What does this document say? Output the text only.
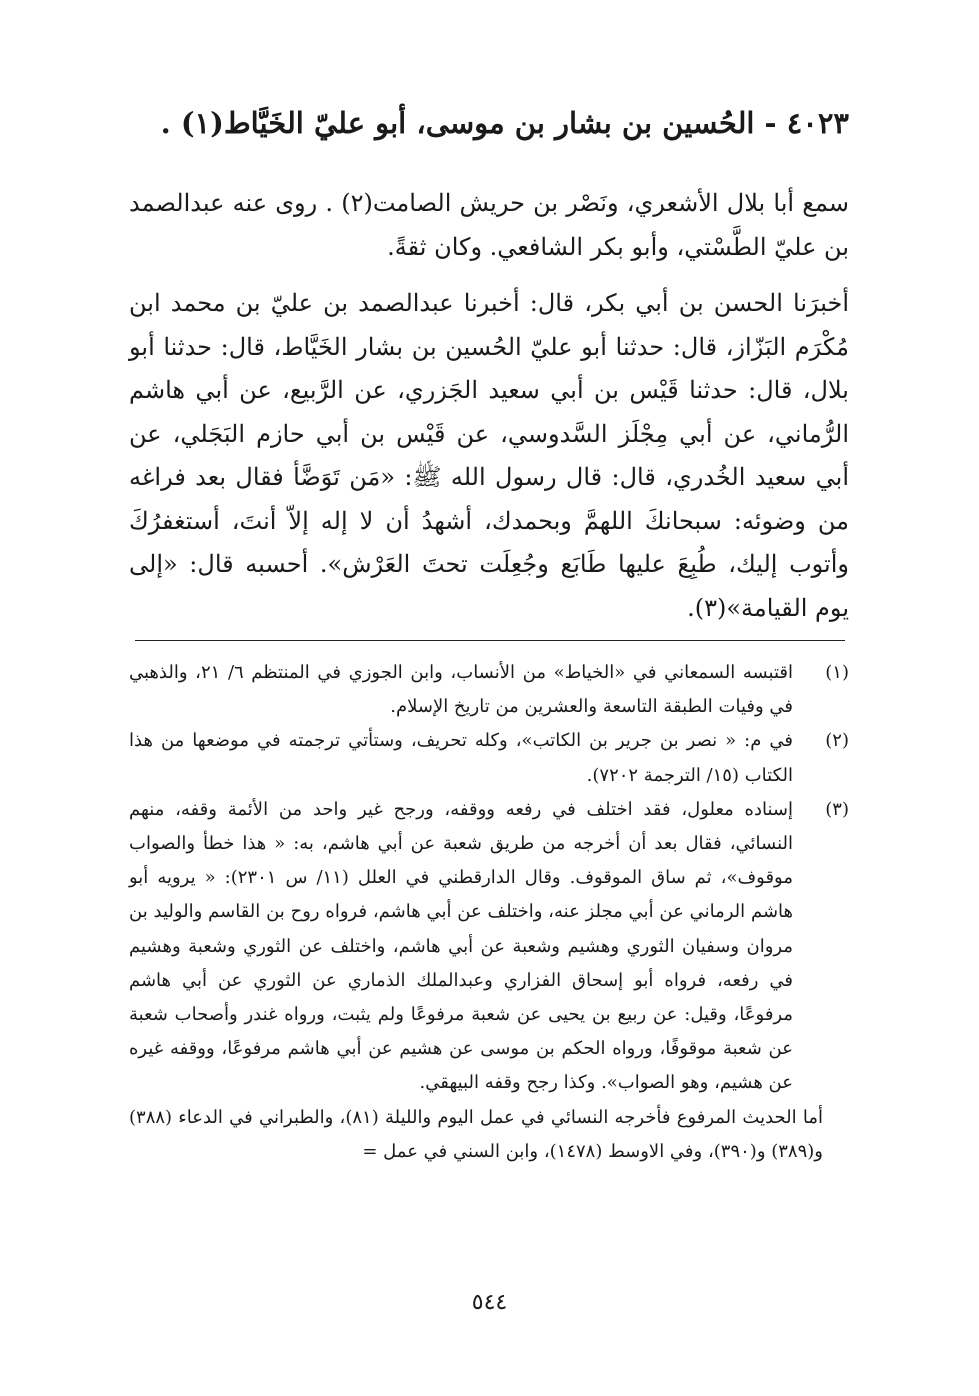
٤٠٢٣ - الحُسين بن بشار بن موسى، أبو عليّ الخَيَّاط(١) .

سمع أبا بلال الأشعري، ونَصْر بن حريش الصامت(٢) . روى عنه عبدالصمد بن عليّ الطَّسْتي، وأبو بكر الشافعي. وكان ثقةً.

أخبرَنا الحسن بن أبي بكر، قال: أخبرنا عبدالصمد بن عليّ بن محمد ابن مُكْرَم البَزّاز، قال: حدثنا أبو عليّ الحُسين بن بشار الخَيَّاط، قال: حدثنا أبو بلال، قال: حدثنا قَيْس بن أبي سعيد الجَزري، عن الرَّبيع، عن أبي هاشم الرُّماني، عن أبي مِجْلَز السَّدوسي، عن قَيْس بن أبي حازم البَجَلي، عن أبي سعيد الخُدري، قال: قال رسول الله ﷺ: «مَن تَوَضَّأ فقال بعد فراغه من وضوئه: سبحانكَ اللهمَّ وبحمدك، أشهدُ أن لا إله إلاّ أنتَ، أستغفرُكَ وأتوب إليك، طُبِعَ عليها طَابَع وجُعِلَت تحتَ العَرْش». أحسبه قال: «إلى يوم القيامة»(٣).

(١)
اقتبسه السمعاني في «الخياط» من الأنساب، وابن الجوزي في المنتظم ٦/ ٢١، والذهبي في وفيات الطبقة التاسعة والعشرين من تاريخ الإسلام.
(٢)
في م: « نصر بن جرير بن الكاتب»، وكله تحريف، وستأتي ترجمته في موضعها من هذا الكتاب (١٥/ الترجمة ٧٢٠٢).
(٣)
إسناده معلول، فقد اختلف في رفعه ووقفه، ورجح غير واحد من الأئمة وقفه، منهم النسائي، فقال بعد أن أخرجه من طريق شعبة عن أبي هاشم، به: « هذا خطأ والصواب موقوف»، ثم ساق الموقوف. وقال الدارقطني في العلل (١١/ س ٢٣٠١): « يرويه أبو هاشم الرماني عن أبي مجلز عنه، واختلف عن أبي هاشم، فرواه روح بن القاسم والوليد بن مروان وسفيان الثوري وهشيم وشعبة عن أبي هاشم، واختلف عن الثوري وشعبة وهشيم في رفعه، فرواه أبو إسحاق الفزاري وعبدالملك الذماري عن الثوري عن أبي هاشم مرفوعًا، وقيل: عن ربيع بن يحيى عن شعبة مرفوعًا ولم يثبت، ورواه غندر وأصحاب شعبة عن شعبة موقوفًا، ورواه الحكم بن موسى عن هشيم عن أبي هاشم مرفوعًا، ووقفه غيره عن هشيم، وهو الصواب». وكذا رجح وقفه البيهقي.

أما الحديث المرفوع فأخرجه النسائي في عمل اليوم والليلة (٨١)، والطبراني في الدعاء (٣٨٨) و(٣٨٩) و(٣٩٠)، وفي الاوسط (١٤٧٨)، وابن السني في عمل =

٥٤٤
